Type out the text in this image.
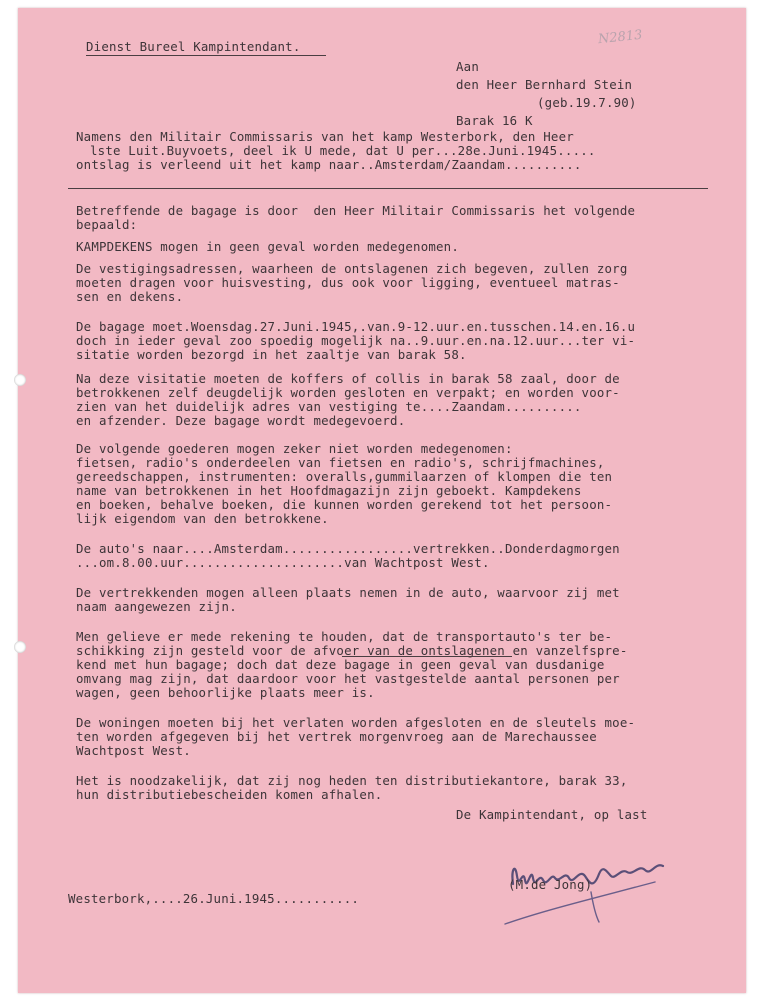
N2813
Dienst Bureel Kampintendant.
Aan
den Heer Bernhard Stein
(geb.19.7.90)
Barak 16 K
Namens den Militair Commissaris van het kamp Westerbork, den Heer
lste Luit.Buyvoets, deel ik U mede, dat U per...28e.Juni.1945.....
ontslag is verleend uit het kamp naar..Amsterdam/Zaandam..........
Betreffende de bagage is door  den Heer Militair Commissaris het volgende
bepaald:
KAMPDEKENS mogen in geen geval worden medegenomen.
De vestigingsadressen, waarheen de ontslagenen zich begeven, zullen zorg
moeten dragen voor huisvesting, dus ook voor ligging, eventueel matras-
sen en dekens.
De bagage moet.Woensdag.27.Juni.1945,.van.9-12.uur.en.tusschen.14.en.16.u
doch in ieder geval zoo spoedig mogelijk na..9.uur.en.na.12.uur...ter vi-
sitatie worden bezorgd in het zaaltje van barak 58.
Na deze visitatie moeten de koffers of collis in barak 58 zaal, door de
betrokkenen zelf deugdelijk worden gesloten en verpakt; en worden voor-
zien van het duidelijk adres van vestiging te....Zaandam..........
en afzender. Deze bagage wordt medegevoerd.
De volgende goederen mogen zeker niet worden medegenomen:
fietsen, radio's onderdeelen van fietsen en radio's, schrijfmachines,
gereedschappen, instrumenten: overalls,gummilaarzen of klompen die ten
name van betrokkenen in het Hoofdmagazijn zijn geboekt. Kampdekens
en boeken, behalve boeken, die kunnen worden gerekend tot het persoon-
lijk eigendom van den betrokkene.
De auto's naar....Amsterdam.................vertrekken..Donderdagmorgen
...om.8.00.uur.....................van Wachtpost West.
De vertrekkenden mogen alleen plaats nemen in de auto, waarvoor zij met
naam aangewezen zijn.
Men gelieve er mede rekening te houden, dat de transportauto's ter be-
schikking zijn gesteld voor de afvoer van de ontslagenen en vanzelfspre-
kend met hun bagage; doch dat deze bagage in geen geval van dusdanige
omvang mag zijn, dat daardoor voor het vastgestelde aantal personen per
wagen, geen behoorlijke plaats meer is.
De woningen moeten bij het verlaten worden afgesloten en de sleutels moe-
ten worden afgegeven bij het vertrek morgenvroeg aan de Marechaussee
Wachtpost West.
Het is noodzakelijk, dat zij nog heden ten distributiekantore, barak 33,
hun distributiebescheiden komen afhalen.
De Kampintendant, op last
(M.de Jong)
Westerbork,....26.Juni.1945...........
